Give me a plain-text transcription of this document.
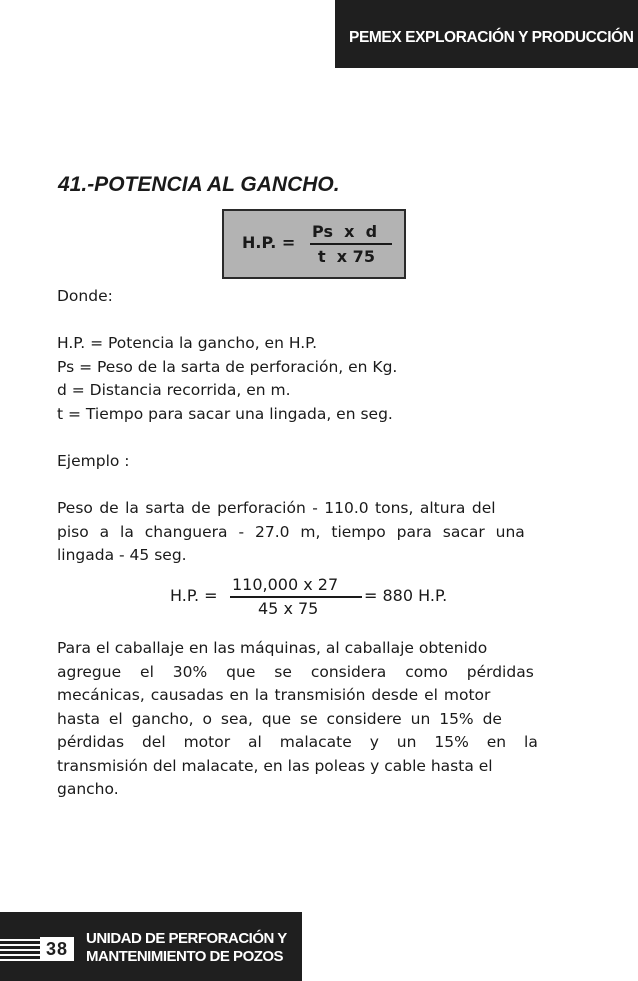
PEMEX EXPLORACIÓN Y PRODUCCIÓN
41.-POTENCIA AL GANCHO.
H.P. =
Ps  x  d
t  x 75

Donde:

H.P. = Potencia la gancho, en H.P.
Ps = Peso de la sarta de perforación, en Kg.
d = Distancia recorrida, en m.
t = Tiempo para sacar una lingada, en seg.

Ejemplo :

Peso de la sarta de perforación - 110.0 tons, altura del
piso a la changuera - 27.0 m, tiempo para sacar una
lingada - 45 seg.
H.P. =
110,000 x 27
45 x 75
= 880 H.P.
Para el caballaje en las máquinas, al caballaje obtenido
agregue el 30% que se considera como pérdidas
mecánicas, causadas en la transmisión desde el motor
hasta el gancho, o sea, que se considere un 15% de
pérdidas del motor al malacate y un 15% en la
transmisión del malacate, en las poleas y cable hasta el
gancho.
38
UNIDAD DE PERFORACIÓN Y
MANTENIMIENTO DE POZOS
